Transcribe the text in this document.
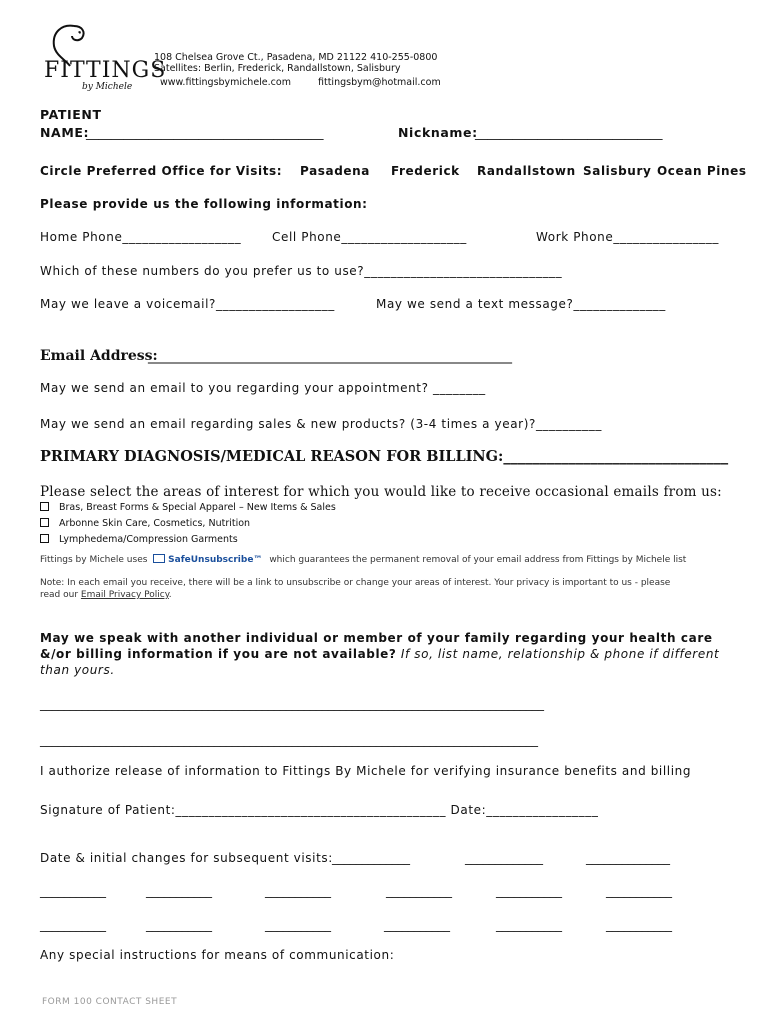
FITTINGS
by Michele
108 Chelsea Grove Ct., Pasadena, MD 21122 410-255-0800
Satellites: Berlin, Frederick, Randallstown, Salisbury
www.fittingsbymichele.com	fittingsbym@hotmail.com
PATIENT
NAME:
______________________________________	Nickname:
______________________________
Circle Preferred Office for Visits: Pasadena Frederick Randallstown Salisbury Ocean Pines
Please provide us the following information:
Home Phone__________________	Cell Phone___________________	Work Phone________________
Which of these numbers do you prefer us to use?______________________________
May we leave a voicemail?__________________	May we send a text message?______________
Email Address:
____________________________________________________
May we send an email to you regarding your appointment? ________
May we send an email regarding sales & new products? (3-4 times a year)?__________
PRIMARY DIAGNOSIS/MEDICAL REASON FOR BILLING:_______________________________
Please select the areas of interest for which you would like to receive occasional emails from us:
Bras, Breast Forms & Special Apparel – New Items & Sales
Arbonne Skin Care, Cosmetics, Nutrition
Lymphedema/Compression Garments
Fittings by Michele uses SafeUnsubscribe™ which guarantees the permanent removal of your email address from Fittings by Michele list
Note: In each email you receive, there will be a link to unsubscribe or change your areas of interest. Your privacy is important to us - please
read our Email Privacy Policy.
May we speak with another individual or member of your family regarding your health care
&/or billing information if you are not available? If so, list name, relationship & phone if different
than yours.
____________________________________________________________________________________
___________________________________________________________________________________
I authorize release of information to Fittings By Michele for verifying insurance benefits and billing
Signature of Patient:_________________________________________ Date:_________________
Date & initial changes for subsequent visits: _____________	_____________	______________
___________	___________	___________	___________	___________	___________
___________	___________	___________	___________	___________	___________
Any special instructions for means of communication:
FORM 100 CONTACT SHEET
